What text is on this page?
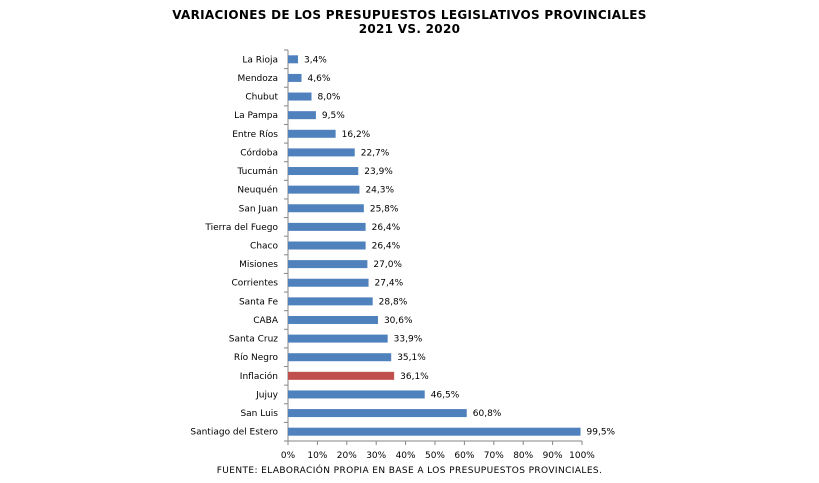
VARIACIONES DE LOS PRESUPUESTOS LEGISLATIVOS PROVINCIALES
2021 VS. 2020
0% 10% 20% 30% 40% 50% 60% 70% 80% 90% 100%
La Rioja	3,4%
Mendoza	4,6%
Chubut	8,0%
La Pampa	9,5%
Entre Ríos	16,2%
Córdoba	22,7%
Tucumán	23,9%
Neuquén	24,3%
San Juan	25,8%
Tierra del Fuego	26,4%
Chaco	26,4%
Misiones	27,0%
Corrientes	27,4%
Santa Fe	28,8%
CABA	30,6%
Santa Cruz	33,9%
Río Negro	35,1%
Inflación	36,1%
Jujuy	46,5%
San Luis	60,8%
Santiago del Estero	99,5%
FUENTE: ELABORACIÓN PROPIA EN BASE A LOS PRESUPUESTOS PROVINCIALES.
